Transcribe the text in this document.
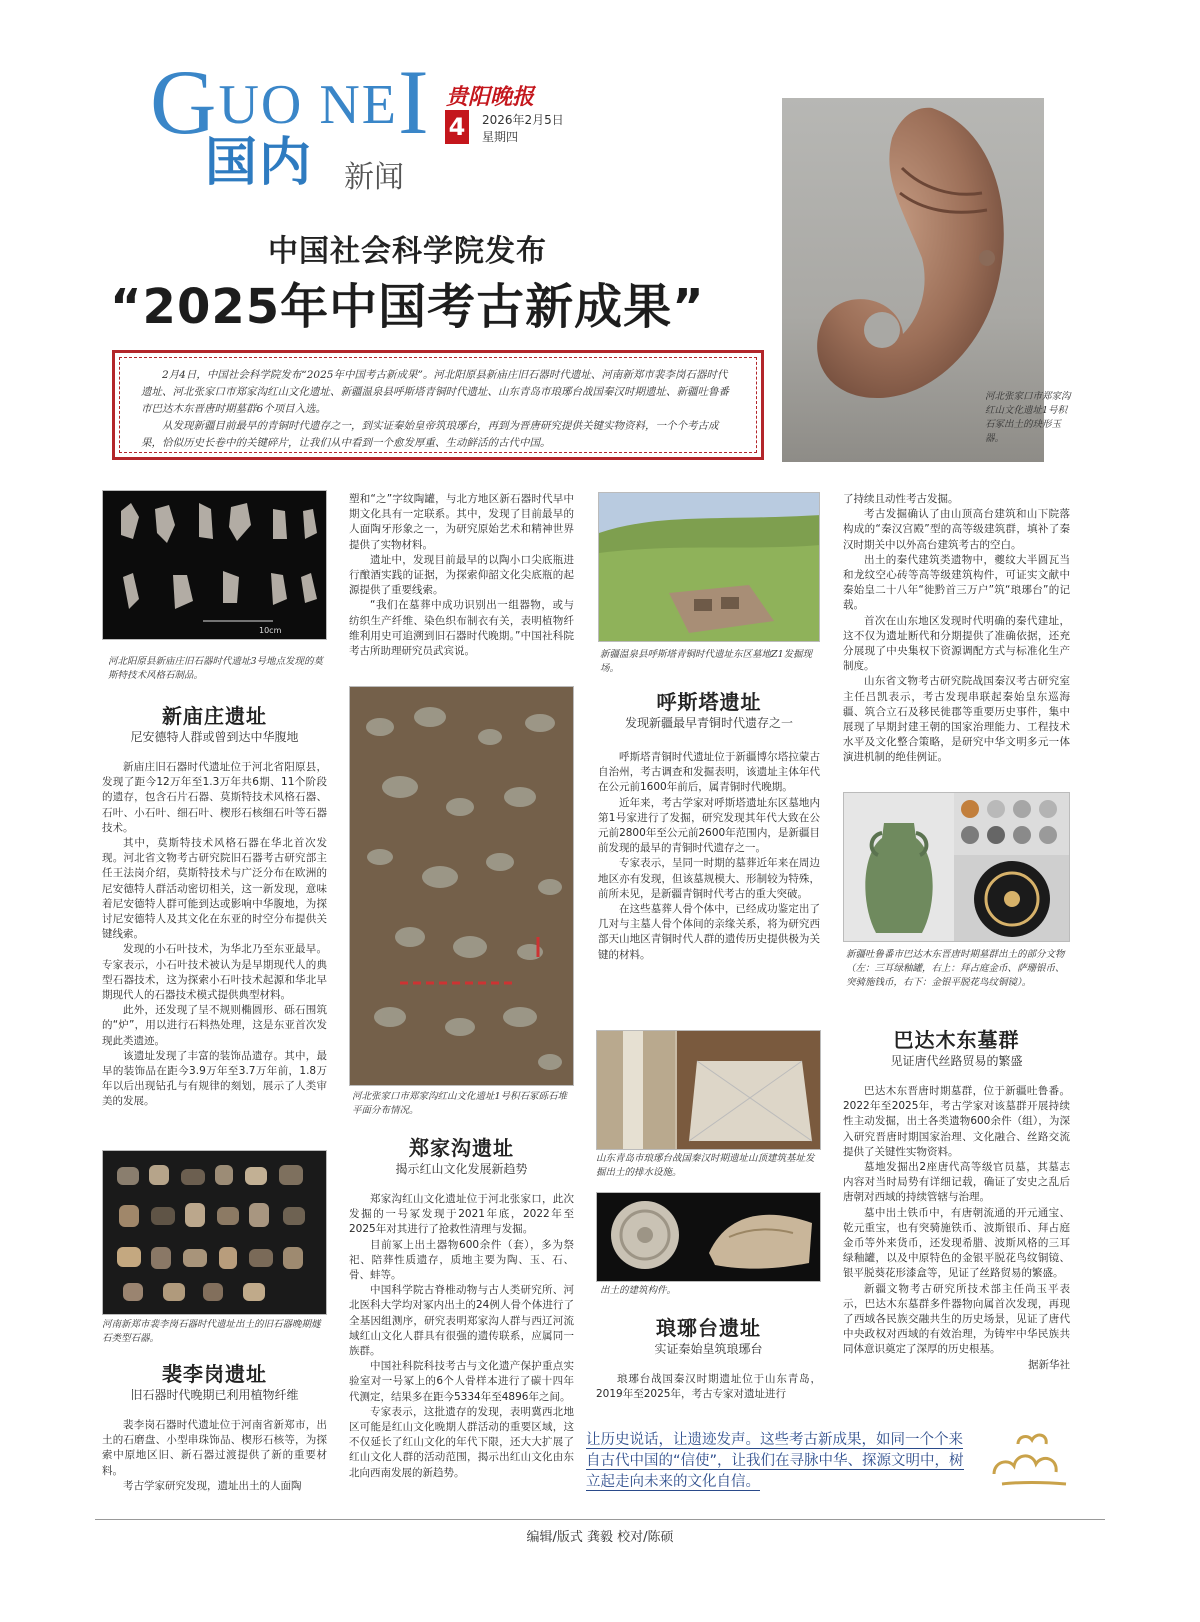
GUO NEI
国内 新闻
贵阳晚报
4	2026年2月5日
星期四
中国社会科学院发布
“2025年中国考古新成果”

2月4日，中国社会科学院发布“2025年中国考古新成果”。河北阳原县新庙庄旧石器时代遗址、河南新郑市裴李岗石器时代遗址、河北张家口市郑家沟红山文化遗址、新疆温泉县呼斯塔青铜时代遗址、山东青岛市琅琊台战国秦汉时期遗址、新疆吐鲁番市巴达木东晋唐时期墓群6个项目入选。

从发现新疆目前最早的青铜时代遗存之一，到实证秦始皇帝筑琅琊台，再到为晋唐研究提供关键实物资料，一个个考古成果，恰似历史长卷中的关键碎片，让我们从中看到一个愈发厚重、生动鲜活的古代中国。

河北张家口市郑家沟红山文化遗址1号积石冢出土的玦形玉器。
10cm
河北阳原县新庙庄旧石器时代遗址3号地点发现的莫斯特技术风格石制品。
新庙庄遗址
尼安德特人群或曾到达中华腹地

新庙庄旧石器时代遗址位于河北省阳原县，发现了距今12万年至1.3万年共6期、11个阶段的遗存，包含石片石器、莫斯特技术风格石器、石叶、小石叶、细石叶、楔形石核细石叶等石器技术。

其中，莫斯特技术风格石器在华北首次发现。河北省文物考古研究院旧石器考古研究部主任王法岗介绍，莫斯特技术与广泛分布在欧洲的尼安德特人群活动密切相关，这一新发现，意味着尼安德特人群可能到达或影响中华腹地，为探讨尼安德特人及其文化在东亚的时空分布提供关键线索。

发现的小石叶技术，为华北乃至东亚最早。专家表示，小石叶技术被认为是早期现代人的典型石器技术，这为探索小石叶技术起源和华北早期现代人的石器技术模式提供典型材料。

此外，还发现了呈不规则椭圆形、砾石围筑的“炉”，用以进行石料热处理，这是东亚首次发现此类遗迹。

该遗址发现了丰富的装饰品遗存。其中，最早的装饰品在距今3.9万年至3.7万年前，1.8万年以后出现钻孔与有规律的刻划，展示了人类审美的发展。

河南新郑市裴李岗石器时代遗址出土的旧石器晚期燧石类型石器。
裴李岗遗址
旧石器时代晚期已利用植物纤维

裴李岗石器时代遗址位于河南省新郑市，出土的石磨盘、小型串珠饰品、楔形石核等，为探索中原地区旧、新石器过渡提供了新的重要材料。

考古学家研究发现，遗址出土的人面陶

塑和“之”字纹陶罐，与北方地区新石器时代早中期文化具有一定联系。其中，发现了目前最早的人面陶牙形象之一，为研究原始艺术和精神世界提供了实物材料。

遗址中，发现目前最早的以陶小口尖底瓶进行酿酒实践的证据，为探索仰韶文化尖底瓶的起源提供了重要线索。

“我们在墓葬中成功识别出一组器物，或与纺织生产纤维、染色织布制衣有关，表明植物纤维利用史可追溯到旧石器时代晚期。”中国社科院考古所助理研究员武宾说。

河北张家口市郑家沟红山文化遗址1号积石冢砾石堆平面分布情况。
郑家沟遗址
揭示红山文化发展新趋势

郑家沟红山文化遗址位于河北张家口，此次发掘的一号冢发现于2021年底，2022年至2025年对其进行了抢救性清理与发掘。

目前冢上出土器物600余件（套），多为祭祀、陪葬性质遗存，质地主要为陶、玉、石、骨、蚌等。

中国科学院古脊椎动物与古人类研究所、河北医科大学均对冢内出土的24例人骨个体进行了全基因组测序，研究表明郑家沟人群与西辽河流域红山文化人群具有很强的遗传联系，应属同一族群。

中国社科院科技考古与文化遗产保护重点实验室对一号冢上的6个人骨样本进行了碳十四年代测定，结果多在距今5334年至4896年之间。

专家表示，这批遗存的发现，表明冀西北地区可能是红山文化晚期人群活动的重要区域，这不仅延长了红山文化的年代下限，还大大扩展了红山文化人群的活动范围，揭示出红山文化由东北向西南发展的新趋势。

新疆温泉县呼斯塔青铜时代遗址东区墓地Z1发掘现场。
呼斯塔遗址
发现新疆最早青铜时代遗存之一

呼斯塔青铜时代遗址位于新疆博尔塔拉蒙古自治州，考古调查和发掘表明，该遗址主体年代在公元前1600年前后，属青铜时代晚期。

近年来，考古学家对呼斯塔遗址东区墓地内第1号家进行了发掘，研究发现其年代大致在公元前2800年至公元前2600年范围内，是新疆目前发现的最早的青铜时代遗存之一。

专家表示，呈同一时期的墓葬近年来在周边地区亦有发现，但该墓规模大、形制较为特殊，前所未见，是新疆青铜时代考古的重大突破。

在这些墓葬人骨个体中，已经成功鉴定出了几对与主墓人骨个体间的亲缘关系，将为研究西部天山地区青铜时代人群的遗传历史提供极为关键的材料。

山东青岛市琅琊台战国秦汉时期遗址山顶建筑基址发掘出土的排水设施。
出土的建筑构件。
琅琊台遗址
实证秦始皇筑琅琊台

琅琊台战国秦汉时期遗址位于山东青岛，2019年至2025年，考古专家对遗址进行

了持续且动性考古发掘。

考古发掘确认了由山顶高台建筑和山下院落构成的“秦汉宫殿”型的高等级建筑群，填补了秦汉时期关中以外高台建筑考古的空白。

出土的秦代建筑类遗物中，夔纹大半圆瓦当和龙纹空心砖等高等级建筑构件，可证实文献中秦始皇二十八年“徙黔首三万户”筑“琅琊台”的记载。

首次在山东地区发现时代明确的秦代建址，这不仅为遗址断代和分期提供了准确依据，还充分展现了中央集权下资源调配方式与标准化生产制度。

山东省文物考古研究院战国秦汉考古研究室主任吕凯表示，考古发现串联起秦始皇东巡海疆、筑合立石及移民徙郡等重要历史事件，集中展现了早期封建王朝的国家治理能力、工程技术水平及文化整合策略，是研究中华文明多元一体演进机制的绝佳例证。

新疆吐鲁番市巴达木东晋唐时期墓群出土的部分文物（左：三耳绿釉罐，右上：拜占庭金币、萨珊银币、突骑施钱币，右下：金银平脱花鸟纹铜镜）。
巴达木东墓群
见证唐代丝路贸易的繁盛

巴达木东晋唐时期墓群，位于新疆吐鲁番。2022年至2025年，考古学家对该墓群开展持续性主动发掘，出土各类遗物600余件（组），为深入研究晋唐时期国家治理、文化融合、丝路交流提供了关键性实物资料。

墓地发掘出2座唐代高等级官员墓，其墓志内容对当时局势有详细记载，确证了安史之乱后唐朝对西域的持续管辖与治理。

墓中出土铁币中，有唐朝流通的开元通宝、乾元重宝，也有突骑施铁币、波斯银币、拜占庭金币等外来货币，还发现希腊、波斯风格的三耳绿釉罐，以及中原特色的金银平脱花鸟纹铜镜、银平脱葵花形漆盒等，见证了丝路贸易的繁盛。

新疆文物考古研究所技术部主任尚玉平表示，巴达木东墓群多件器物向属首次发现，再现了西域各民族交融共生的历史场景，见证了唐代中央政权对西域的有效治理，为铸牢中华民族共同体意识奠定了深厚的历史根基。

据新华社
让历史说话，让遗迹发声。这些考古新成果，如同一个个来自古代中国的“信使”，让我们在寻脉中华、探源文明中，树立起走向未来的文化自信。
编辑/版式 龚毅 校对/陈硕
